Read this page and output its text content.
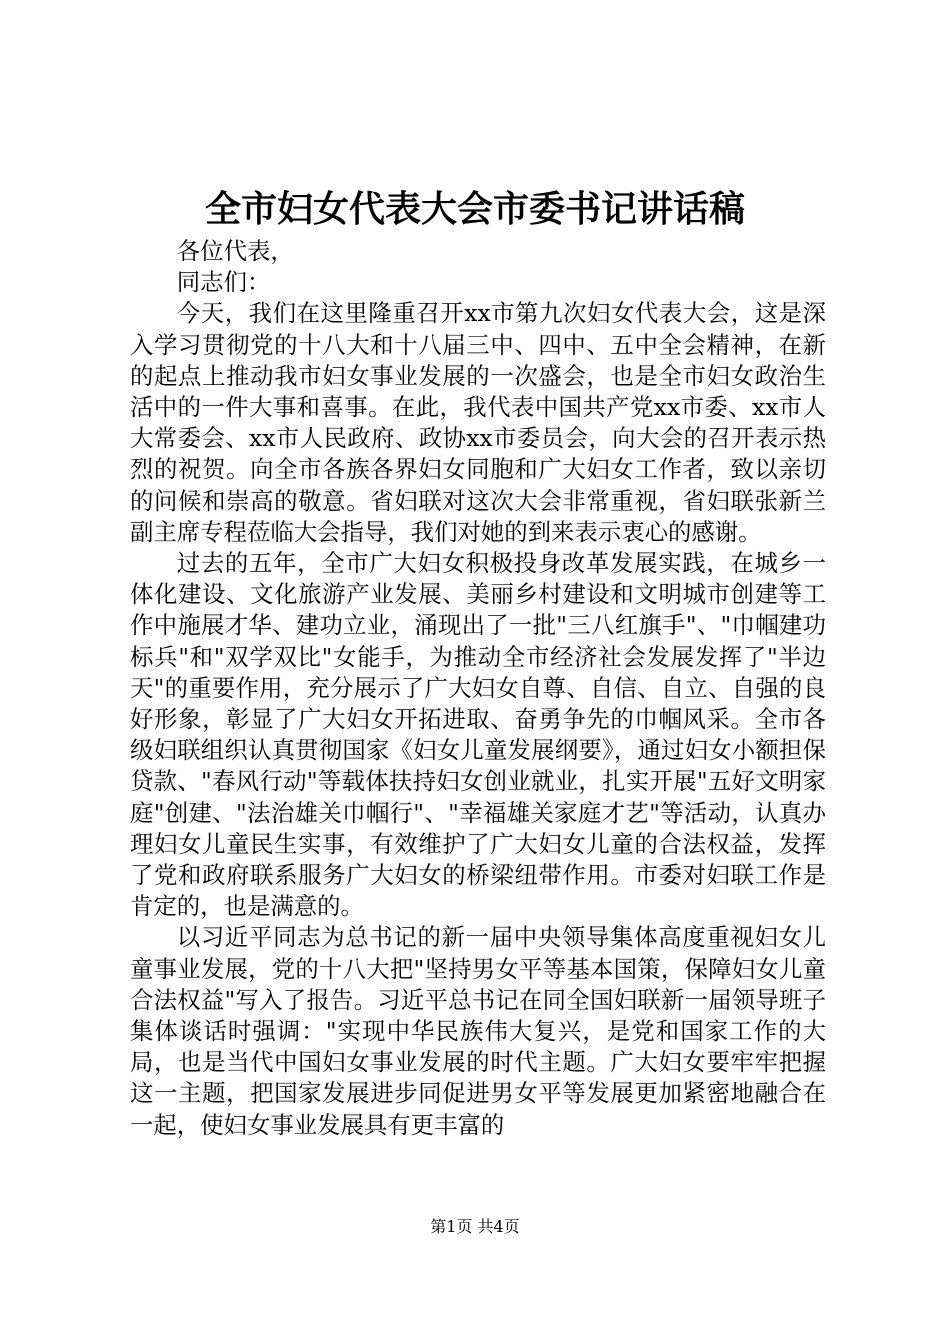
全市妇女代表大会市委书记讲话稿

各位代表，

同志们：

今天，我们在这里隆重召开xx市第九次妇女代表大会，这是深入学习贯彻党的十八大和十八届三中、四中、五中全会精神，在新的起点上推动我市妇女事业发展的一次盛会，也是全市妇女政治生活中的一件大事和喜事。在此，我代表中国共产党xx市委、xx市人大常委会、xx市人民政府、政协xx市委员会，向大会的召开表示热烈的祝贺。向全市各族各界妇女同胞和广大妇女工作者，致以亲切的问候和崇高的敬意。省妇联对这次大会非常重视，省妇联张新兰副主席专程莅临大会指导，我们对她的到来表示衷心的感谢。

过去的五年，全市广大妇女积极投身改革发展实践，在城乡一体化建设、文化旅游产业发展、美丽乡村建设和文明城市创建等工作中施展才华、建功立业，涌现出了一批"三八红旗手"、"巾帼建功标兵"和"双学双比"女能手，为推动全市经济社会发展发挥了"半边天"的重要作用，充分展示了广大妇女自尊、自信、自立、自强的良好形象，彰显了广大妇女开拓进取、奋勇争先的巾帼风采。全市各级妇联组织认真贯彻国家《妇女儿童发展纲要》，通过妇女小额担保贷款、"春风行动"等载体扶持妇女创业就业，扎实开展"五好文明家庭"创建、"法治雄关巾帼行"、"幸福雄关家庭才艺"等活动，认真办理妇女儿童民生实事，有效维护了广大妇女儿童的合法权益，发挥了党和政府联系服务广大妇女的桥梁纽带作用。市委对妇联工作是肯定的，也是满意的。

以习近平同志为总书记的新一届中央领导集体高度重视妇女儿童事业发展，党的十八大把"坚持男女平等基本国策，保障妇女儿童合法权益"写入了报告。习近平总书记在同全国妇联新一届领导班子集体谈话时强调："实现中华民族伟大复兴，是党和国家工作的大局，也是当代中国妇女事业发展的时代主题。广大妇女要牢牢把握这一主题，把国家发展进步同促进男女平等发展更加紧密地融合在一起，使妇女事业发展具有更丰富的

第1页 共4页
